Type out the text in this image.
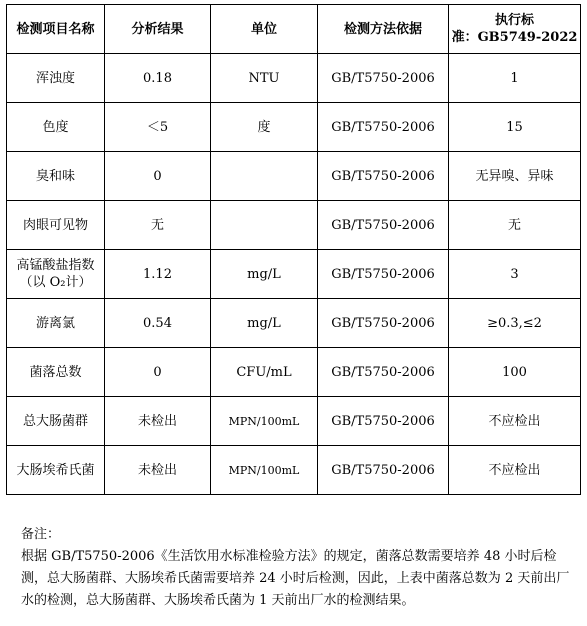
检测项目名称	分析结果	单位	检测方法依据	执行标
准：GB5749-2022

浑浊度	0.18	NTU	GB/T5750-2006	1
色度	＜5	度	GB/T5750-2006	15
臭和味	0		GB/T5750-2006	无异嗅、异味
肉眼可见物	无		GB/T5750-2006	无

高锰酸盐指数
（以 O₂计）	1.12	mg/L	GB/T5750-2006	3
游离氯	0.54	mg/L	GB/T5750-2006	≥0.3,≤2
菌落总数	0	CFU/mL	GB/T5750-2006	100
总大肠菌群	未检出	MPN/100mL	GB/T5750-2006	不应检出
大肠埃希氏菌	未检出	MPN/100mL	GB/T5750-2006	不应检出

备注：

根据 GB/T5750-2006《生活饮用水标准检验方法》的规定，菌落总数需要培养 48 小时后检测，总大肠菌群、大肠埃希氏菌需要培养 24 小时后检测，因此，上表中菌落总数为 2 天前出厂水的检测，总大肠菌群、大肠埃希氏菌为 1 天前出厂水的检测结果。
